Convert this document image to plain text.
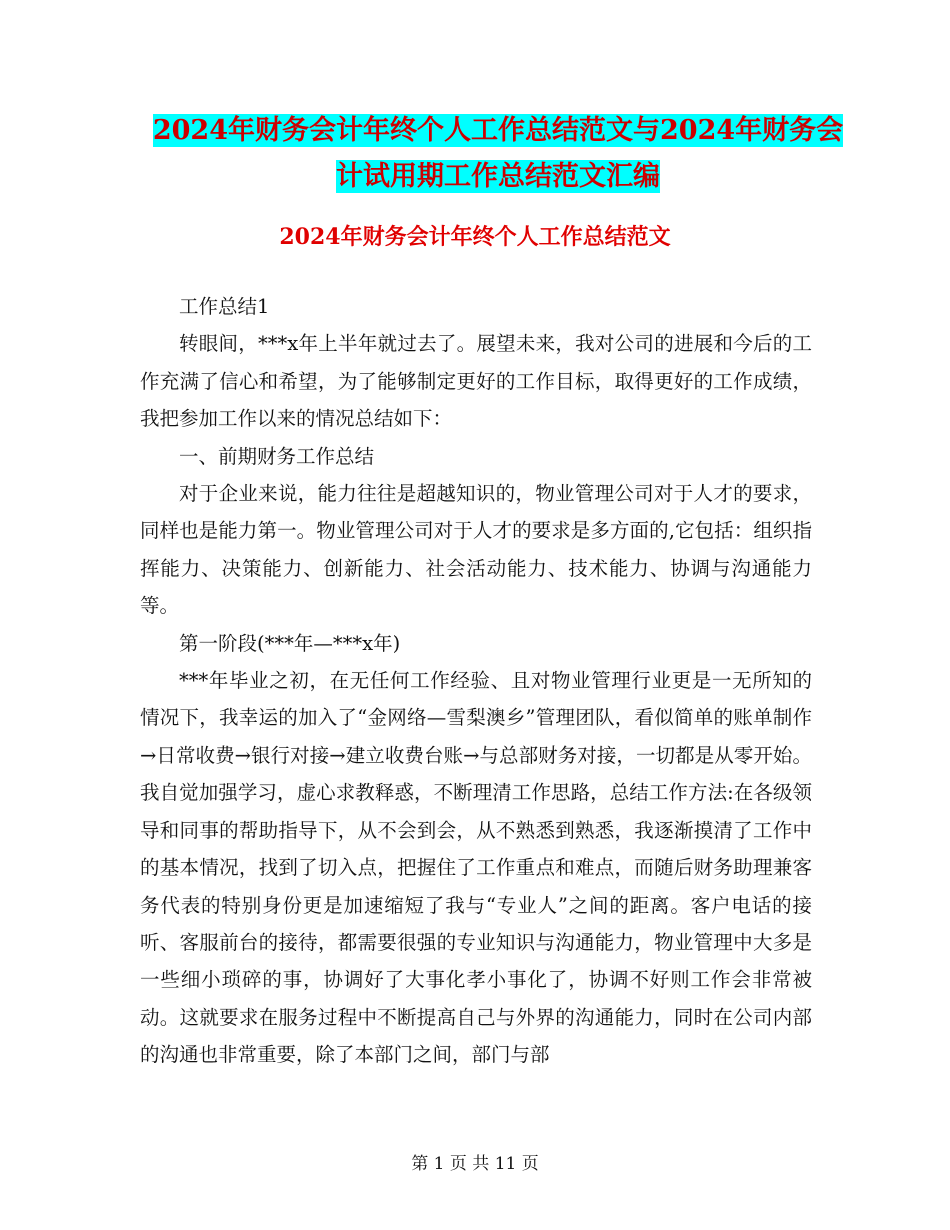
2024年财务会计年终个人工作总结范文与2024年财务会计试用期工作总结范文汇编
2024年财务会计年终个人工作总结范文

工作总结1

转眼间，***x年上半年就过去了。展望未来，我对公司的进展和今后的工作充满了信心和希望，为了能够制定更好的工作目标，取得更好的工作成绩，我把参加工作以来的情况总结如下：

一、前期财务工作总结

对于企业来说，能力往往是超越知识的，物业管理公司对于人才的要求，同样也是能力第一。物业管理公司对于人才的要求是多方面的,它包括：组织指挥能力、决策能力、创新能力、社会活动能力、技术能力、协调与沟通能力等。

第一阶段(***年—***x年)

***年毕业之初，在无任何工作经验、且对物业管理行业更是一无所知的情况下，我幸运的加入了“金网络—雪梨澳乡”管理团队，看似简单的账单制作→日常收费→银行对接→建立收费台账→与总部财务对接，一切都是从零开始。我自觉加强学习，虚心求教释惑，不断理清工作思路，总结工作方法:在各级领导和同事的帮助指导下，从不会到会，从不熟悉到熟悉，我逐渐摸清了工作中的基本情况，找到了切入点，把握住了工作重点和难点，而随后财务助理兼客务代表的特别身份更是加速缩短了我与“专业人”之间的距离。客户电话的接听、客服前台的接待，都需要很强的专业知识与沟通能力，物业管理中大多是一些细小琐碎的事，协调好了大事化孝小事化了，协调不好则工作会非常被动。这就要求在服务过程中不断提高自己与外界的沟通能力，同时在公司内部的沟通也非常重要，除了本部门之间，部门与部

第 1 页 共 11 页
